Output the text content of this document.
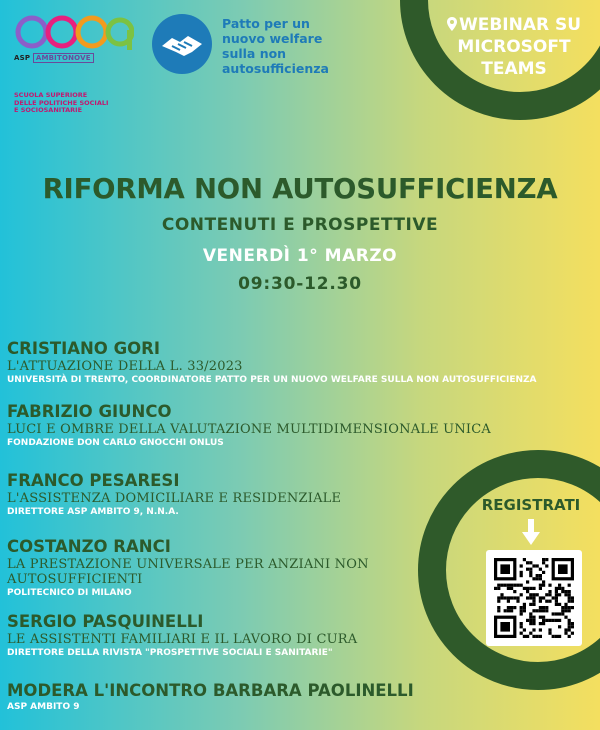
ASP AMBITONOVE
SCUOLA SUPERIORE
DELLE POLITICHE SOCIALI
E SOCIOSANITARIE
Patto per un
nuovo welfare
sulla non
autosufficienza
WEBINAR SU
MICROSOFT
TEAMS
RIFORMA NON AUTOSUFFICIENZA
CONTENUTI E PROSPETTIVE
VENERDÌ 1° MARZO
09:30-12.30
CRISTIANO GORI
L'ATTUAZIONE DELLA L. 33/2023
UNIVERSITÀ DI TRENTO, COORDINATORE PATTO PER UN NUOVO WELFARE SULLA NON AUTOSUFFICIENZA
FABRIZIO GIUNCO
LUCI E OMBRE DELLA VALUTAZIONE MULTIDIMENSIONALE UNICA
FONDAZIONE DON CARLO GNOCCHI ONLUS
FRANCO PESARESI
L'ASSISTENZA DOMICILIARE E RESIDENZIALE
DIRETTORE ASP AMBITO 9, N.N.A.
COSTANZO RANCI
LA PRESTAZIONE UNIVERSALE PER ANZIANI NON
AUTOSUFFICIENTI
POLITECNICO DI MILANO
SERGIO PASQUINELLI
LE ASSISTENTI FAMILIARI E IL LAVORO DI CURA
DIRETTORE DELLA RIVISTA "PROSPETTIVE SOCIALI E SANITARIE"
MODERA L'INCONTRO BARBARA PAOLINELLI
ASP AMBITO 9
REGISTRATI
